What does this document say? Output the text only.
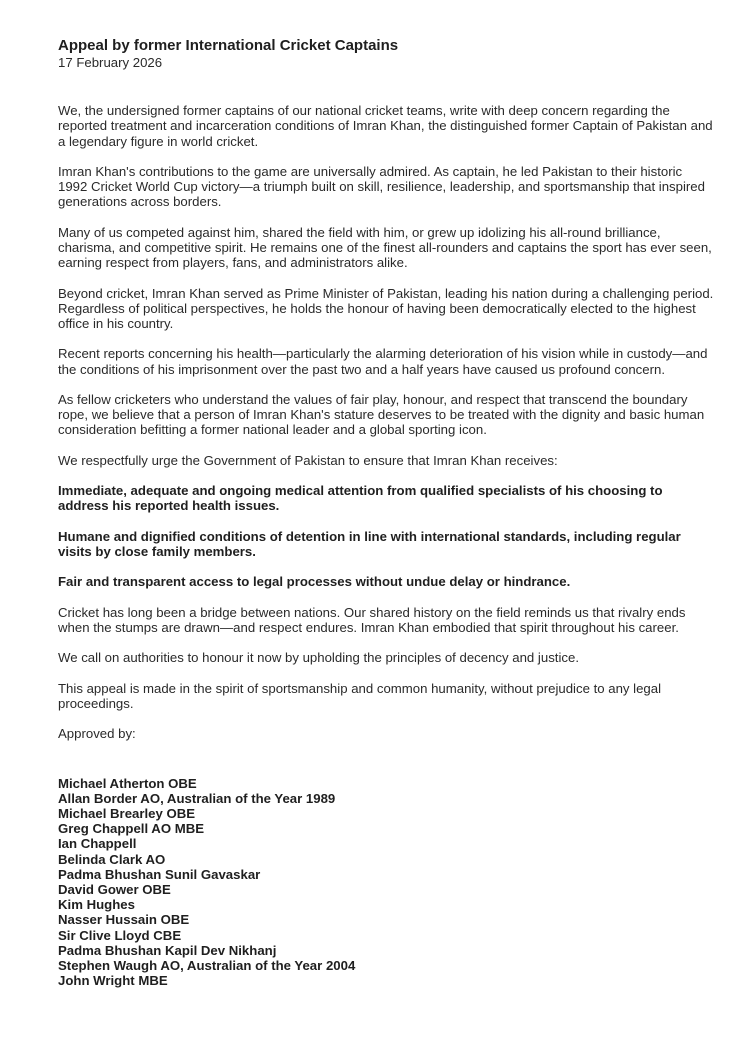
Appeal by former International Cricket Captains
17 February 2026

We, the undersigned former captains of our national cricket teams, write with deep concern regarding the reported treatment and incarceration conditions of Imran Khan, the distinguished former Captain of Pakistan and a legendary figure in world cricket.

Imran Khan's contributions to the game are universally admired. As captain, he led Pakistan to their historic 1992 Cricket World Cup victory—a triumph built on skill, resilience, leadership, and sportsmanship that inspired generations across borders.

Many of us competed against him, shared the field with him, or grew up idolizing his all-round brilliance, charisma, and competitive spirit. He remains one of the finest all-rounders and captains the sport has ever seen, earning respect from players, fans, and administrators alike.

Beyond cricket, Imran Khan served as Prime Minister of Pakistan, leading his nation during a challenging period. Regardless of political perspectives, he holds the honour of having been democratically elected to the highest office in his country.

Recent reports concerning his health—particularly the alarming deterioration of his vision while in custody—and the conditions of his imprisonment over the past two and a half years have caused us profound concern.

As fellow cricketers who understand the values of fair play, honour, and respect that transcend the boundary rope, we believe that a person of Imran Khan's stature deserves to be treated with the dignity and basic human consideration befitting a former national leader and a global sporting icon.

We respectfully urge the Government of Pakistan to ensure that Imran Khan receives:

Immediate, adequate and ongoing medical attention from qualified specialists of his choosing to address his reported health issues.

Humane and dignified conditions of detention in line with international standards, including regular visits by close family members.

Fair and transparent access to legal processes without undue delay or hindrance.

Cricket has long been a bridge between nations. Our shared history on the field reminds us that rivalry ends when the stumps are drawn—and respect endures. Imran Khan embodied that spirit throughout his career.

We call on authorities to honour it now by upholding the principles of decency and justice.

This appeal is made in the spirit of sportsmanship and common humanity, without prejudice to any legal proceedings.

Approved by:

Michael Atherton OBE
Allan Border AO, Australian of the Year 1989
Michael Brearley OBE
Greg Chappell AO MBE
Ian Chappell
Belinda Clark AO
Padma Bhushan Sunil Gavaskar
David Gower OBE
Kim Hughes
Nasser Hussain OBE
Sir Clive Lloyd CBE
Padma Bhushan Kapil Dev Nikhanj
Stephen Waugh AO, Australian of the Year 2004
John Wright MBE
